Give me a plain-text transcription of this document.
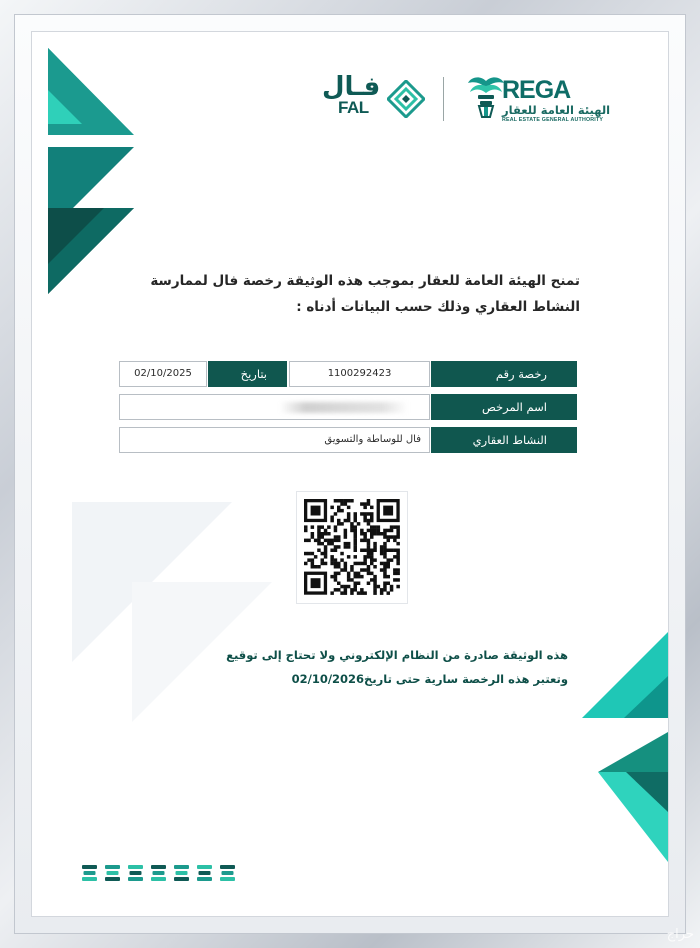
REGA
الهيئة العامة للعقار
REAL ESTATE GENERAL AUTHORITY
فـال
FAL
تمنح الهيئة العامة للعقار بموجب هذه الوثيقة رخصة فال لممارسة
النشاط العقاري وذلك حسب البيانات أدناه :
رخصة رقم
1100292423
بتاريخ
02/10/2025
اسم المرخص
النشاط العقاري
فال للوساطة والتسويق
هذه الوثيقة صادرة من النظام الإلكتروني ولا تحتاج إلى توقيع
وتعتبر هذه الرخصة سارية حتى تاريخ02/10/2026
حراج
